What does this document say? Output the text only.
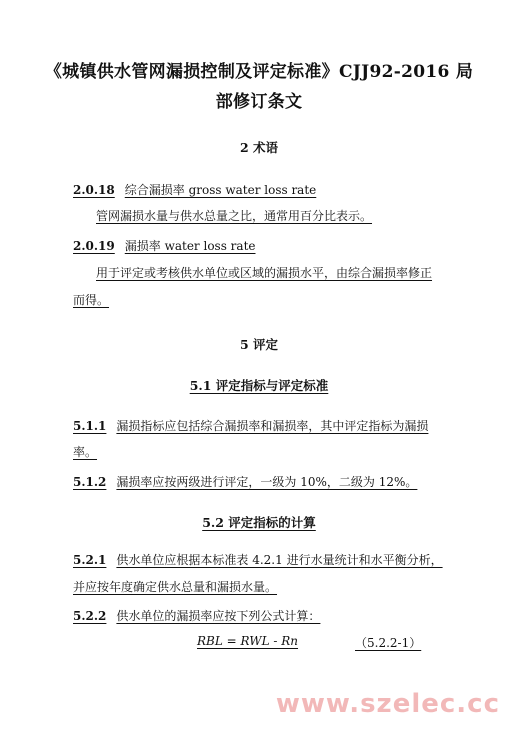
《城镇供水管网漏损控制及评定标准》CJJ92-2016 局
部修订条文
2 术语
2.0.18 综合漏损率 gross water loss rate
管网漏损水量与供水总量之比，通常用百分比表示。
2.0.19 漏损率 water loss rate
用于评定或考核供水单位或区域的漏损水平，由综合漏损率修正
而得。
5 评定
5.1 评定指标与评定标准
5.1.1 漏损指标应包括综合漏损率和漏损率，其中评定指标为漏损
率。
5.1.2 漏损率应按两级进行评定，一级为 10%，二级为 12%。
5.2 评定指标的计算
5.2.1 供水单位应根据本标准表 4.2.1 进行水量统计和水平衡分析，
并应按年度确定供水总量和漏损水量。
5.2.2 供水单位的漏损率应按下列公式计算：
RBL = RWL - Rn	（5.2.2-1）
www.szelec.cc
